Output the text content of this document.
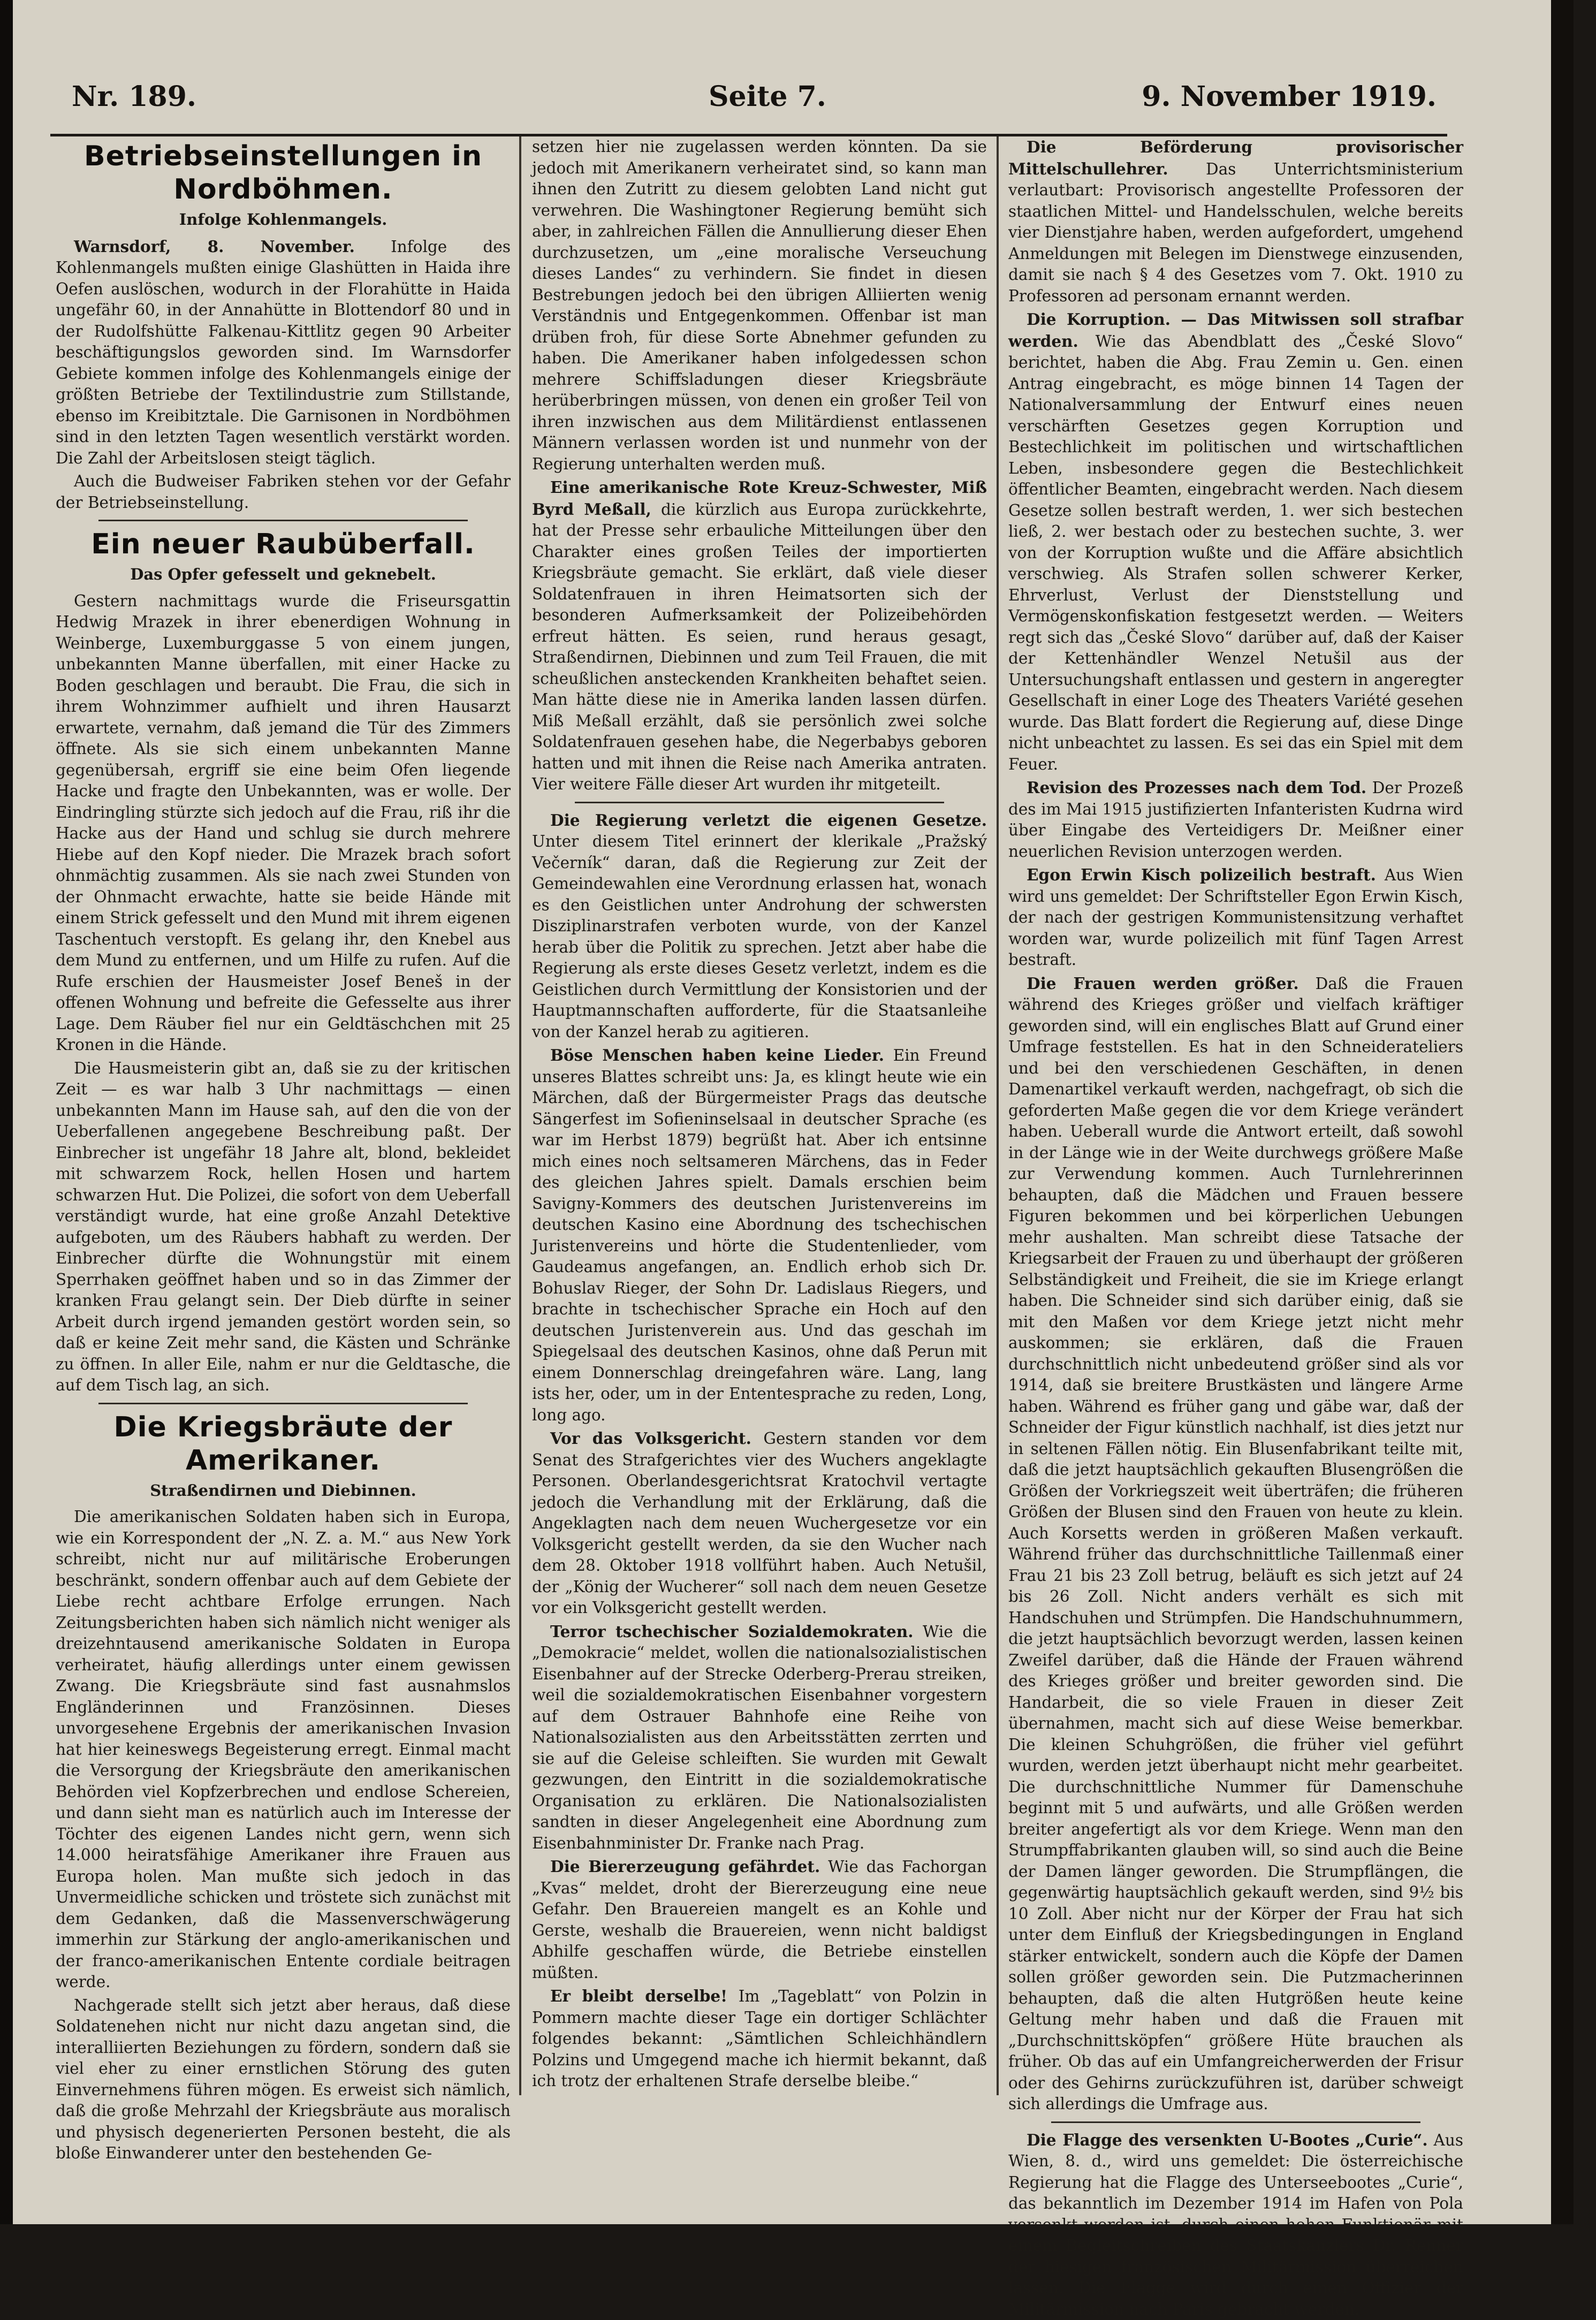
Nr. 189.	Seite 7.	9. November 1919.
Betriebseinstellungen in Nordböhmen.
Infolge Kohlenmangels.

Warnsdorf, 8. November. Infolge des Kohlenmangels mußten einige Glashütten in Haida ihre Oefen auslöschen, wodurch in der Florahütte in Haida ungefähr 60, in der Annahütte in Blottendorf 80 und in der Rudolfshütte Falkenau-Kittlitz gegen 90 Arbeiter beschäftigungslos geworden sind. Im Warnsdorfer Gebiete kommen infolge des Kohlenmangels einige der größten Betriebe der Textilindustrie zum Stillstande, ebenso im Kreibitztale. Die Garnisonen in Nordböhmen sind in den letzten Tagen wesentlich verstärkt worden. Die Zahl der Arbeitslosen steigt täglich.

Auch die Budweiser Fabriken stehen vor der Gefahr der Betriebseinstellung.

Ein neuer Raubüberfall.
Das Opfer gefesselt und geknebelt.

Gestern nachmittags wurde die Friseursgattin Hedwig Mrazek in ihrer ebenerdigen Wohnung in Weinberge, Luxemburggasse 5 von einem jungen, unbekannten Manne überfallen, mit einer Hacke zu Boden geschlagen und beraubt. Die Frau, die sich in ihrem Wohnzimmer aufhielt und ihren Hausarzt erwartete, vernahm, daß jemand die Tür des Zimmers öffnete. Als sie sich einem unbekannten Manne gegenübersah, ergriff sie eine beim Ofen liegende Hacke und fragte den Unbekannten, was er wolle. Der Eindringling stürzte sich jedoch auf die Frau, riß ihr die Hacke aus der Hand und schlug sie durch mehrere Hiebe auf den Kopf nieder. Die Mrazek brach sofort ohnmächtig zusammen. Als sie nach zwei Stunden von der Ohnmacht erwachte, hatte sie beide Hände mit einem Strick gefesselt und den Mund mit ihrem eigenen Taschentuch verstopft. Es gelang ihr, den Knebel aus dem Mund zu entfernen, und um Hilfe zu rufen. Auf die Rufe erschien der Hausmeister Josef Beneš in der offenen Wohnung und befreite die Gefesselte aus ihrer Lage. Dem Räuber fiel nur ein Geldtäschchen mit 25 Kronen in die Hände.

Die Hausmeisterin gibt an, daß sie zu der kritischen Zeit — es war halb 3 Uhr nachmittags — einen unbekannten Mann im Hause sah, auf den die von der Ueberfallenen angegebene Beschreibung paßt. Der Einbrecher ist ungefähr 18 Jahre alt, blond, bekleidet mit schwarzem Rock, hellen Hosen und hartem schwarzen Hut. Die Polizei, die sofort von dem Ueberfall verständigt wurde, hat eine große Anzahl Detektive aufgeboten, um des Räubers habhaft zu werden. Der Einbrecher dürfte die Wohnungstür mit einem Sperrhaken geöffnet haben und so in das Zimmer der kranken Frau gelangt sein. Der Dieb dürfte in seiner Arbeit durch irgend jemanden gestört worden sein, so daß er keine Zeit mehr sand, die Kästen und Schränke zu öffnen. In aller Eile, nahm er nur die Geldtasche, die auf dem Tisch lag, an sich.

Die Kriegsbräute der Amerikaner.
Straßendirnen und Diebinnen.

Die amerikanischen Soldaten haben sich in Europa, wie ein Korrespondent der „N. Z. a. M.“ aus New York schreibt, nicht nur auf militärische Eroberungen beschränkt, sondern offenbar auch auf dem Gebiete der Liebe recht achtbare Erfolge errungen. Nach Zeitungsberichten haben sich nämlich nicht weniger als dreizehntausend amerikanische Soldaten in Europa verheiratet, häufig allerdings unter einem gewissen Zwang. Die Kriegsbräute sind fast ausnahmslos Engländerinnen und Französinnen. Dieses unvorgesehene Ergebnis der amerikanischen Invasion hat hier keineswegs Begeisterung erregt. Einmal macht die Versorgung der Kriegsbräute den amerikanischen Behörden viel Kopfzerbrechen und endlose Schereien, und dann sieht man es natürlich auch im Interesse der Töchter des eigenen Landes nicht gern, wenn sich 14.000 heiratsfähige Amerikaner ihre Frauen aus Europa holen. Man mußte sich jedoch in das Unvermeidliche schicken und tröstete sich zunächst mit dem Gedanken, daß die Massenverschwägerung immerhin zur Stärkung der anglo-amerikanischen und der franco-amerikanischen Entente cordiale beitragen werde.

Nachgerade stellt sich jetzt aber heraus, daß diese Soldatenehen nicht nur nicht dazu angetan sind, die interalliierten Beziehungen zu fördern, sondern daß sie viel eher zu einer ernstlichen Störung des guten Einvernehmens führen mögen. Es erweist sich nämlich, daß die große Mehrzahl der Kriegsbräute aus moralisch und physisch degenerierten Personen besteht, die als bloße Einwanderer unter den bestehenden Ge-

setzen hier nie zugelassen werden könnten. Da sie jedoch mit Amerikanern verheiratet sind, so kann man ihnen den Zutritt zu diesem gelobten Land nicht gut verwehren. Die Washingtoner Regierung bemüht sich aber, in zahlreichen Fällen die Annullierung dieser Ehen durchzusetzen, um „eine moralische Verseuchung dieses Landes“ zu verhindern. Sie findet in diesen Bestrebungen jedoch bei den übrigen Alliierten wenig Verständnis und Entgegenkommen. Offenbar ist man drüben froh, für diese Sorte Abnehmer gefunden zu haben. Die Amerikaner haben infolgedessen schon mehrere Schiffsladungen dieser Kriegsbräute herüberbringen müssen, von denen ein großer Teil von ihren inzwischen aus dem Militärdienst entlassenen Männern verlassen worden ist und nunmehr von der Regierung unterhalten werden muß.

Eine amerikanische Rote Kreuz-Schwester, Miß Byrd Meßall, die kürzlich aus Europa zurückkehrte, hat der Presse sehr erbauliche Mitteilungen über den Charakter eines großen Teiles der importierten Kriegsbräute gemacht. Sie erklärt, daß viele dieser Soldatenfrauen in ihren Heimatsorten sich der besonderen Aufmerksamkeit der Polizeibehörden erfreut hätten. Es seien, rund heraus gesagt, Straßendirnen, Diebinnen und zum Teil Frauen, die mit scheußlichen ansteckenden Krankheiten behaftet seien. Man hätte diese nie in Amerika landen lassen dürfen. Miß Meßall erzählt, daß sie persönlich zwei solche Soldatenfrauen gesehen habe, die Negerbabys geboren hatten und mit ihnen die Reise nach Amerika antraten. Vier weitere Fälle dieser Art wurden ihr mitgeteilt.

Die Regierung verletzt die eigenen Gesetze. Unter diesem Titel erinnert der klerikale „Pražský Večerník“ daran, daß die Regierung zur Zeit der Gemeindewahlen eine Verordnung erlassen hat, wonach es den Geistlichen unter Androhung der schwersten Disziplinarstrafen verboten wurde, von der Kanzel herab über die Politik zu sprechen. Jetzt aber habe die Regierung als erste dieses Gesetz verletzt, indem es die Geistlichen durch Vermittlung der Konsistorien und der Hauptmannschaften aufforderte, für die Staatsanleihe von der Kanzel herab zu agitieren.

Böse Menschen haben keine Lieder. Ein Freund unseres Blattes schreibt uns: Ja, es klingt heute wie ein Märchen, daß der Bürgermeister Prags das deutsche Sängerfest im Sofieninselsaal in deutscher Sprache (es war im Herbst 1879) begrüßt hat. Aber ich entsinne mich eines noch seltsameren Märchens, das in Feder des gleichen Jahres spielt. Damals erschien beim Savigny-Kommers des deutschen Juristenvereins im deutschen Kasino eine Abordnung des tschechischen Juristenvereins und hörte die Studentenlieder, vom Gaudeamus angefangen, an. Endlich erhob sich Dr. Bohuslav Rieger, der Sohn Dr. Ladislaus Riegers, und brachte in tschechischer Sprache ein Hoch auf den deutschen Juristenverein aus. Und das geschah im Spiegelsaal des deutschen Kasinos, ohne daß Perun mit einem Donnerschlag dreingefahren wäre. Lang, lang ists her, oder, um in der Ententesprache zu reden, Long, long ago.

Vor das Volksgericht. Gestern standen vor dem Senat des Strafgerichtes vier des Wuchers angeklagte Personen. Oberlandesgerichtsrat Kratochvil vertagte jedoch die Verhandlung mit der Erklärung, daß die Angeklagten nach dem neuen Wuchergesetze vor ein Volksgericht gestellt werden, da sie den Wucher nach dem 28. Oktober 1918 vollführt haben. Auch Netušil, der „König der Wucherer“ soll nach dem neuen Gesetze vor ein Volksgericht gestellt werden.

Terror tschechischer Sozialdemokraten. Wie die „Demokracie“ meldet, wollen die nationalsozialistischen Eisenbahner auf der Strecke Oderberg-Prerau streiken, weil die sozialdemokratischen Eisenbahner vorgestern auf dem Ostrauer Bahnhofe eine Reihe von Nationalsozialisten aus den Arbeitsstätten zerrten und sie auf die Geleise schleiften. Sie wurden mit Gewalt gezwungen, den Eintritt in die sozialdemokratische Organisation zu erklären. Die Nationalsozialisten sandten in dieser Angelegenheit eine Abordnung zum Eisenbahnminister Dr. Franke nach Prag.

Die Biererzeugung gefährdet. Wie das Fachorgan „Kvas“ meldet, droht der Biererzeugung eine neue Gefahr. Den Brauereien mangelt es an Kohle und Gerste, weshalb die Brauereien, wenn nicht baldigst Abhilfe geschaffen würde, die Betriebe einstellen müßten.

Er bleibt derselbe! Im „Tageblatt“ von Polzin in Pommern machte dieser Tage ein dortiger Schlächter folgendes bekannt: „Sämtlichen Schleichhändlern Polzins und Umgegend mache ich hiermit bekannt, daß ich trotz der erhaltenen Strafe derselbe bleibe.“

Die Beförderung provisorischer Mittelschullehrer. Das Unterrichtsministerium verlautbart: Provisorisch angestellte Professoren der staatlichen Mittel- und Handelsschulen, welche bereits vier Dienstjahre haben, werden aufgefordert, umgehend Anmeldungen mit Belegen im Dienstwege einzusenden, damit sie nach § 4 des Gesetzes vom 7. Okt. 1910 zu Professoren ad personam ernannt werden.

Die Korruption. — Das Mitwissen soll strafbar werden. Wie das Abendblatt des „České Slovo“ berichtet, haben die Abg. Frau Zemin u. Gen. einen Antrag eingebracht, es möge binnen 14 Tagen der Nationalversammlung der Entwurf eines neuen verschärften Gesetzes gegen Korruption und Bestechlichkeit im politischen und wirtschaftlichen Leben, insbesondere gegen die Bestechlichkeit öffentlicher Beamten, eingebracht werden. Nach diesem Gesetze sollen bestraft werden, 1. wer sich bestechen ließ, 2. wer bestach oder zu bestechen suchte, 3. wer von der Korruption wußte und die Affäre absichtlich verschwieg. Als Strafen sollen schwerer Kerker, Ehrverlust, Verlust der Dienststellung und Vermögenskonfiskation festgesetzt werden. — Weiters regt sich das „České Slovo“ darüber auf, daß der Kaiser der Kettenhändler Wenzel Netušil aus der Untersuchungshaft entlassen und gestern in angeregter Gesellschaft in einer Loge des Theaters Variété gesehen wurde. Das Blatt fordert die Regierung auf, diese Dinge nicht unbeachtet zu lassen. Es sei das ein Spiel mit dem Feuer.

Revision des Prozesses nach dem Tod. Der Prozeß des im Mai 1915 justifizierten Infanteristen Kudrna wird über Eingabe des Verteidigers Dr. Meißner einer neuerlichen Revision unterzogen werden.

Egon Erwin Kisch polizeilich bestraft. Aus Wien wird uns gemeldet: Der Schriftsteller Egon Erwin Kisch, der nach der gestrigen Kommunistensitzung verhaftet worden war, wurde polizeilich mit fünf Tagen Arrest bestraft.

Die Frauen werden größer. Daß die Frauen während des Krieges größer und vielfach kräftiger geworden sind, will ein englisches Blatt auf Grund einer Umfrage feststellen. Es hat in den Schneiderateliers und bei den verschiedenen Geschäften, in denen Damenartikel verkauft werden, nachgefragt, ob sich die geforderten Maße gegen die vor dem Kriege verändert haben. Ueberall wurde die Antwort erteilt, daß sowohl in der Länge wie in der Weite durchwegs größere Maße zur Verwendung kommen. Auch Turnlehrerinnen behaupten, daß die Mädchen und Frauen bessere Figuren bekommen und bei körperlichen Uebungen mehr aushalten. Man schreibt diese Tatsache der Kriegsarbeit der Frauen zu und überhaupt der größeren Selbständigkeit und Freiheit, die sie im Kriege erlangt haben. Die Schneider sind sich darüber einig, daß sie mit den Maßen vor dem Kriege jetzt nicht mehr auskommen; sie erklären, daß die Frauen durchschnittlich nicht unbedeutend größer sind als vor 1914, daß sie breitere Brustkästen und längere Arme haben. Während es früher gang und gäbe war, daß der Schneider der Figur künstlich nachhalf, ist dies jetzt nur in seltenen Fällen nötig. Ein Blusenfabrikant teilte mit, daß die jetzt hauptsächlich gekauften Blusengrößen die Größen der Vorkriegszeit weit überträfen; die früheren Größen der Blusen sind den Frauen von heute zu klein. Auch Korsetts werden in größeren Maßen verkauft. Während früher das durchschnittliche Taillenmaß einer Frau 21 bis 23 Zoll betrug, beläuft es sich jetzt auf 24 bis 26 Zoll. Nicht anders verhält es sich mit Handschuhen und Strümpfen. Die Handschuhnummern, die jetzt hauptsächlich bevorzugt werden, lassen keinen Zweifel darüber, daß die Hände der Frauen während des Krieges größer und breiter geworden sind. Die Handarbeit, die so viele Frauen in dieser Zeit übernahmen, macht sich auf diese Weise bemerkbar. Die kleinen Schuhgrößen, die früher viel geführt wurden, werden jetzt überhaupt nicht mehr gearbeitet. Die durchschnittliche Nummer für Damenschuhe beginnt mit 5 und aufwärts, und alle Größen werden breiter angefertigt als vor dem Kriege. Wenn man den Strumpffabrikanten glauben will, so sind auch die Beine der Damen länger geworden. Die Strumpflängen, die gegenwärtig hauptsächlich gekauft werden, sind 9½ bis 10 Zoll. Aber nicht nur der Körper der Frau hat sich unter dem Einfluß der Kriegsbedingungen in England stärker entwickelt, sondern auch die Köpfe der Damen sollen größer geworden sein. Die Putzmacherinnen behaupten, daß die alten Hutgrößen heute keine Geltung mehr haben und daß die Frauen mit „Durchschnittsköpfen“ größere Hüte brauchen als früher. Ob das auf ein Umfangreicherwerden der Frisur oder des Gehirns zurückzuführen ist, darüber schweigt sich allerdings die Umfrage aus.

Die Flagge des versenkten U-Bootes „Curie“. Aus Wien, 8. d., wird uns gemeldet: Die österreichische Regierung hat die Flagge des Unterseebootes „Curie“, das bekanntlich im Dezember 1914 im Hafen von Pola versenkt worden ist, durch einen hohen Funktionär mit einem Begleitschreiben des Staatskanzlers Dr. Renner der hiesigen französischen Militärmission überreichen lassen. Die Flagge wird durch einen Offizier der Militärmission nach Paris gebracht werden.
